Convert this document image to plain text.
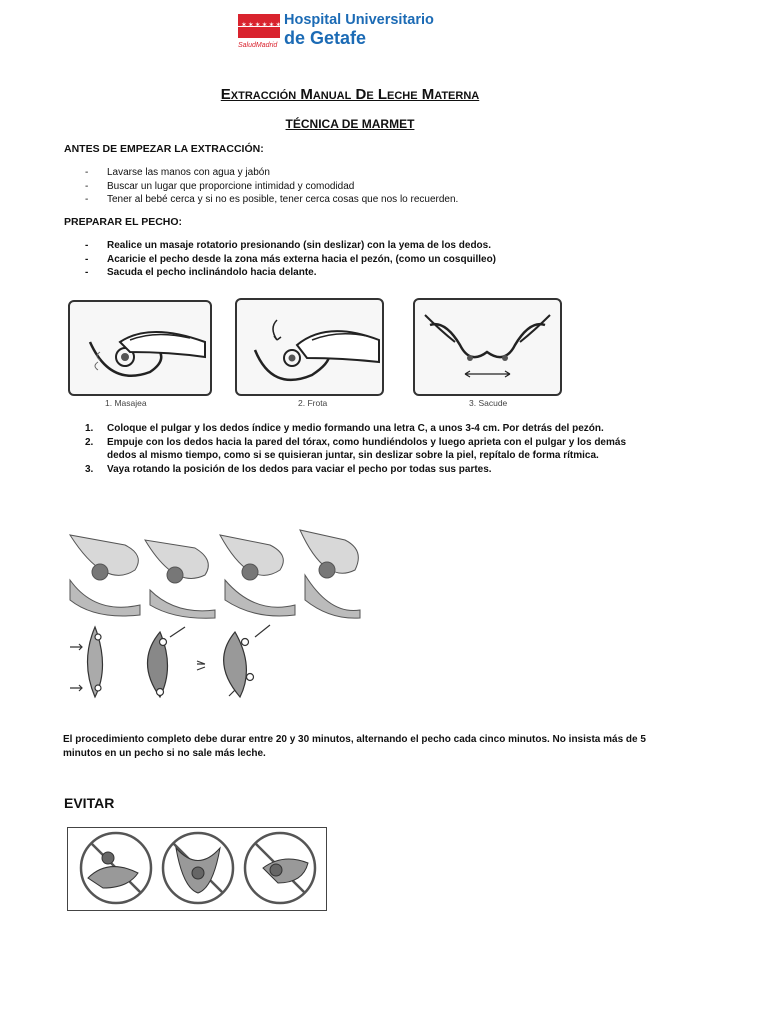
✶✶✶✶✶✶✶
SaludMadrid
Hospital Universitario
de Getafe
Extracción Manual De Leche Materna
TÉCNICA DE MARMET
ANTES DE EMPEZAR LA EXTRACCIÓN:
- Lavarse las manos con agua y jabón
- Buscar un lugar que proporcione intimidad y comodidad
- Tener al bebé cerca y si no es posible, tener cerca cosas que nos lo recuerden.
PREPARAR EL PECHO:
- Realice un masaje rotatorio presionando (sin deslizar) con la yema de los dedos.
- Acaricie el pecho desde la zona más externa hacia el pezón, (como un cosquilleo)
- Sacuda el pecho inclinándolo hacia delante.
1. Masajea	2. Frota	3. Sacude
1. Coloque el pulgar y los dedos índice y medio formando una letra C, a unos 3-4 cm. Por detrás del pezón.
2. Empuje con los dedos hacia la pared del tórax, como hundiéndolos y luego aprieta con el pulgar y los demás dedos al mismo tiempo, como si se quisieran juntar, sin deslizar sobre la piel, repítalo de forma rítmica.
3. Vaya rotando la posición de los dedos para vaciar el pecho por todas sus partes.
El procedimiento completo debe durar entre 20 y 30 minutos, alternando el pecho cada cinco minutos. No insista más de 5 minutos en un pecho si no sale más leche.
EVITAR
